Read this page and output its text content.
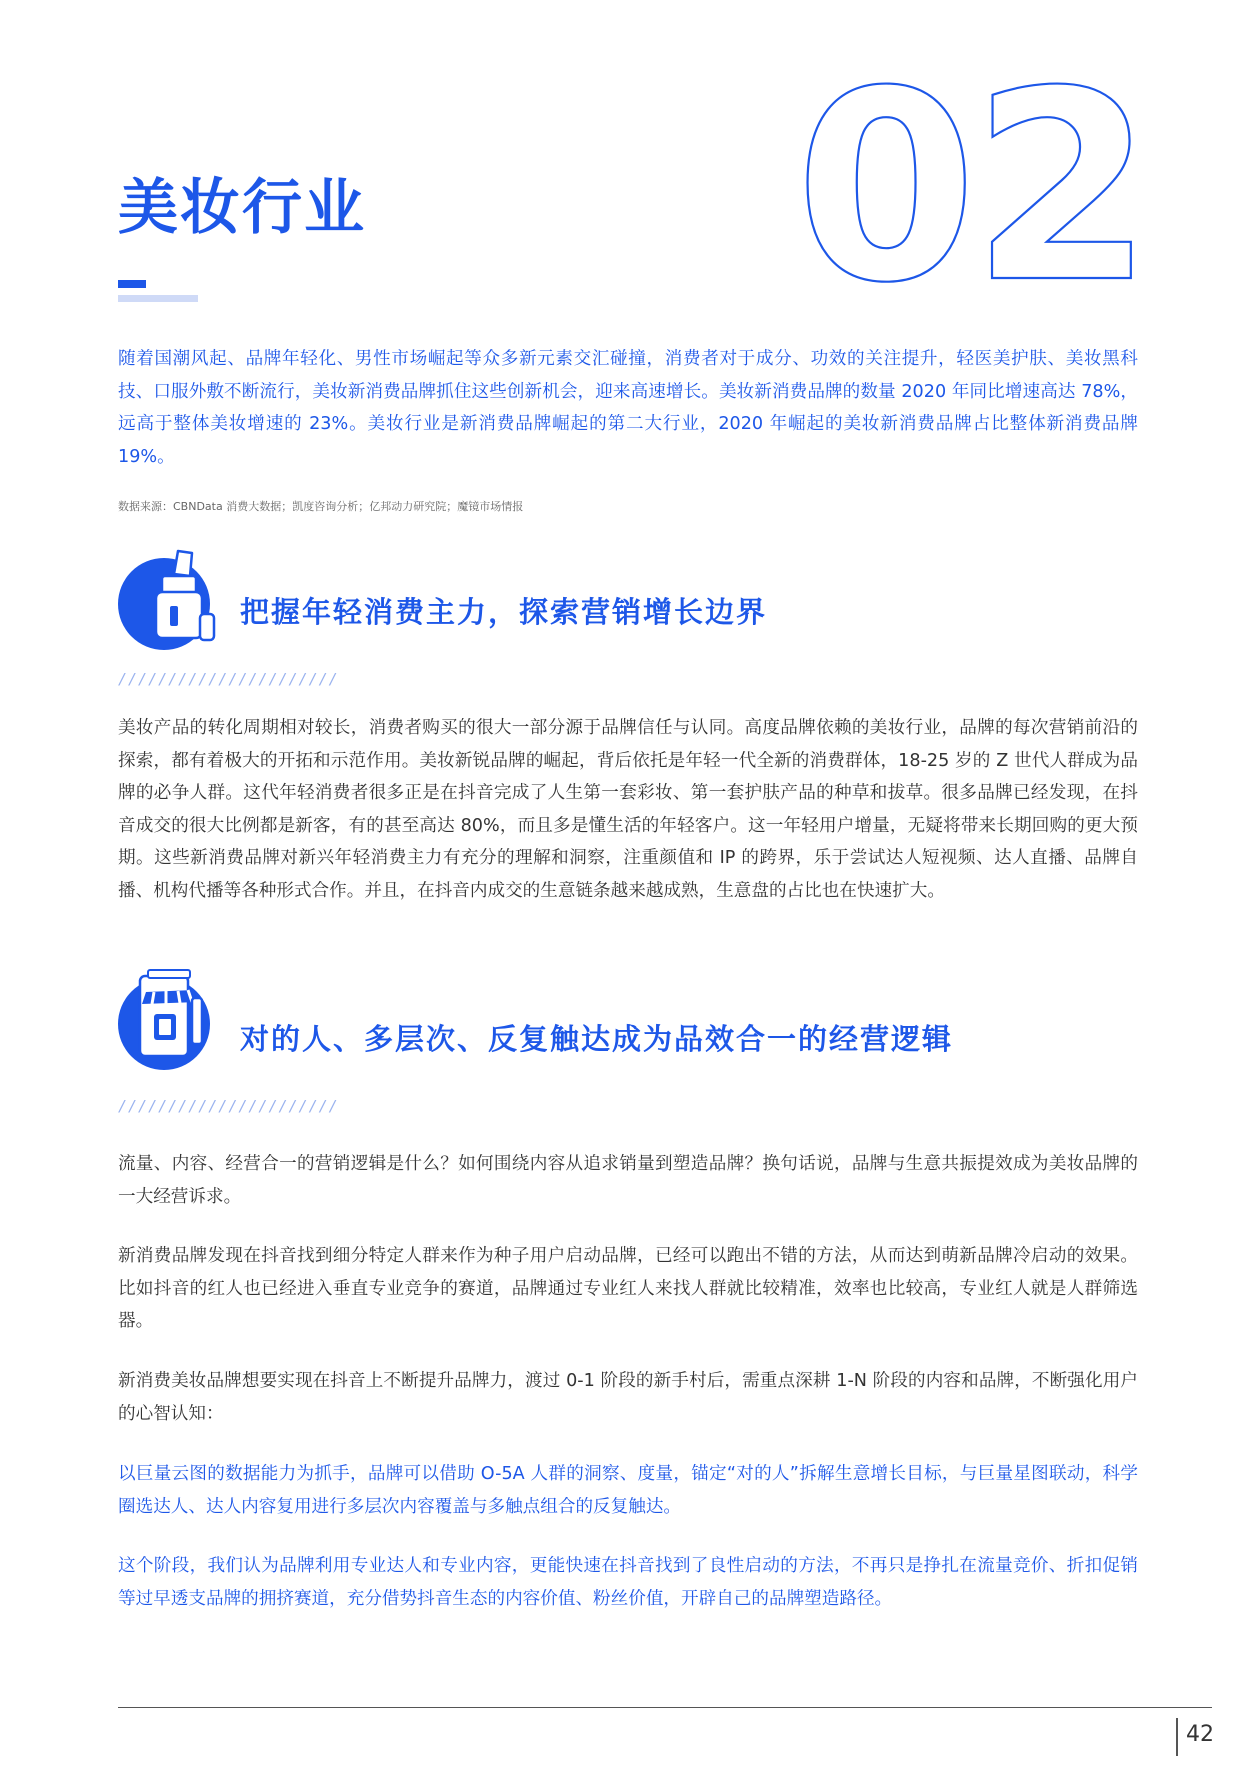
02
美妆行业
随着国潮风起、品牌年轻化、男性市场崛起等众多新元素交汇碰撞，消费者对于成分、功效的关注提升，轻医美护肤、美妆黑科技、口服外敷不断流行，美妆新消费品牌抓住这些创新机会，迎来高速增长。美妆新消费品牌的数量 2020 年同比增速高达 78%，远高于整体美妆增速的 23%。美妆行业是新消费品牌崛起的第二大行业，2020 年崛起的美妆新消费品牌占比整体新消费品牌 19%。
数据来源：CBNData 消费大数据；凯度咨询分析；亿邦动力研究院；魔镜市场情报
把握年轻消费主力，探索营销增长边界
//////////////////////
美妆产品的转化周期相对较长，消费者购买的很大一部分源于品牌信任与认同。高度品牌依赖的美妆行业，品牌的每次营销前沿的探索，都有着极大的开拓和示范作用。美妆新锐品牌的崛起，背后依托是年轻一代全新的消费群体，18-25 岁的 Z 世代人群成为品牌的必争人群。这代年轻消费者很多正是在抖音完成了人生第一套彩妆、第一套护肤产品的种草和拔草。很多品牌已经发现，在抖音成交的很大比例都是新客，有的甚至高达 80%，而且多是懂生活的年轻客户。这一年轻用户增量，无疑将带来长期回购的更大预期。这些新消费品牌对新兴年轻消费主力有充分的理解和洞察，注重颜值和 IP 的跨界，乐于尝试达人短视频、达人直播、品牌自播、机构代播等各种形式合作。并且，在抖音内成交的生意链条越来越成熟，生意盘的占比也在快速扩大。
对的人、多层次、反复触达成为品效合一的经营逻辑
//////////////////////
流量、内容、经营合一的营销逻辑是什么？如何围绕内容从追求销量到塑造品牌？换句话说，品牌与生意共振提效成为美妆品牌的一大经营诉求。
新消费品牌发现在抖音找到细分特定人群来作为种子用户启动品牌，已经可以跑出不错的方法，从而达到萌新品牌冷启动的效果。比如抖音的红人也已经进入垂直专业竞争的赛道，品牌通过专业红人来找人群就比较精准，效率也比较高，专业红人就是人群筛选器。
新消费美妆品牌想要实现在抖音上不断提升品牌力，渡过 0-1 阶段的新手村后，需重点深耕 1-N 阶段的内容和品牌，不断强化用户的心智认知：
以巨量云图的数据能力为抓手，品牌可以借助 O-5A 人群的洞察、度量，锚定“对的人”拆解生意增长目标，与巨量星图联动，科学圈选达人、达人内容复用进行多层次内容覆盖与多触点组合的反复触达。
这个阶段，我们认为品牌利用专业达人和专业内容，更能快速在抖音找到了良性启动的方法，不再只是挣扎在流量竞价、折扣促销等过早透支品牌的拥挤赛道，充分借势抖音生态的内容价值、粉丝价值，开辟自己的品牌塑造路径。
42
